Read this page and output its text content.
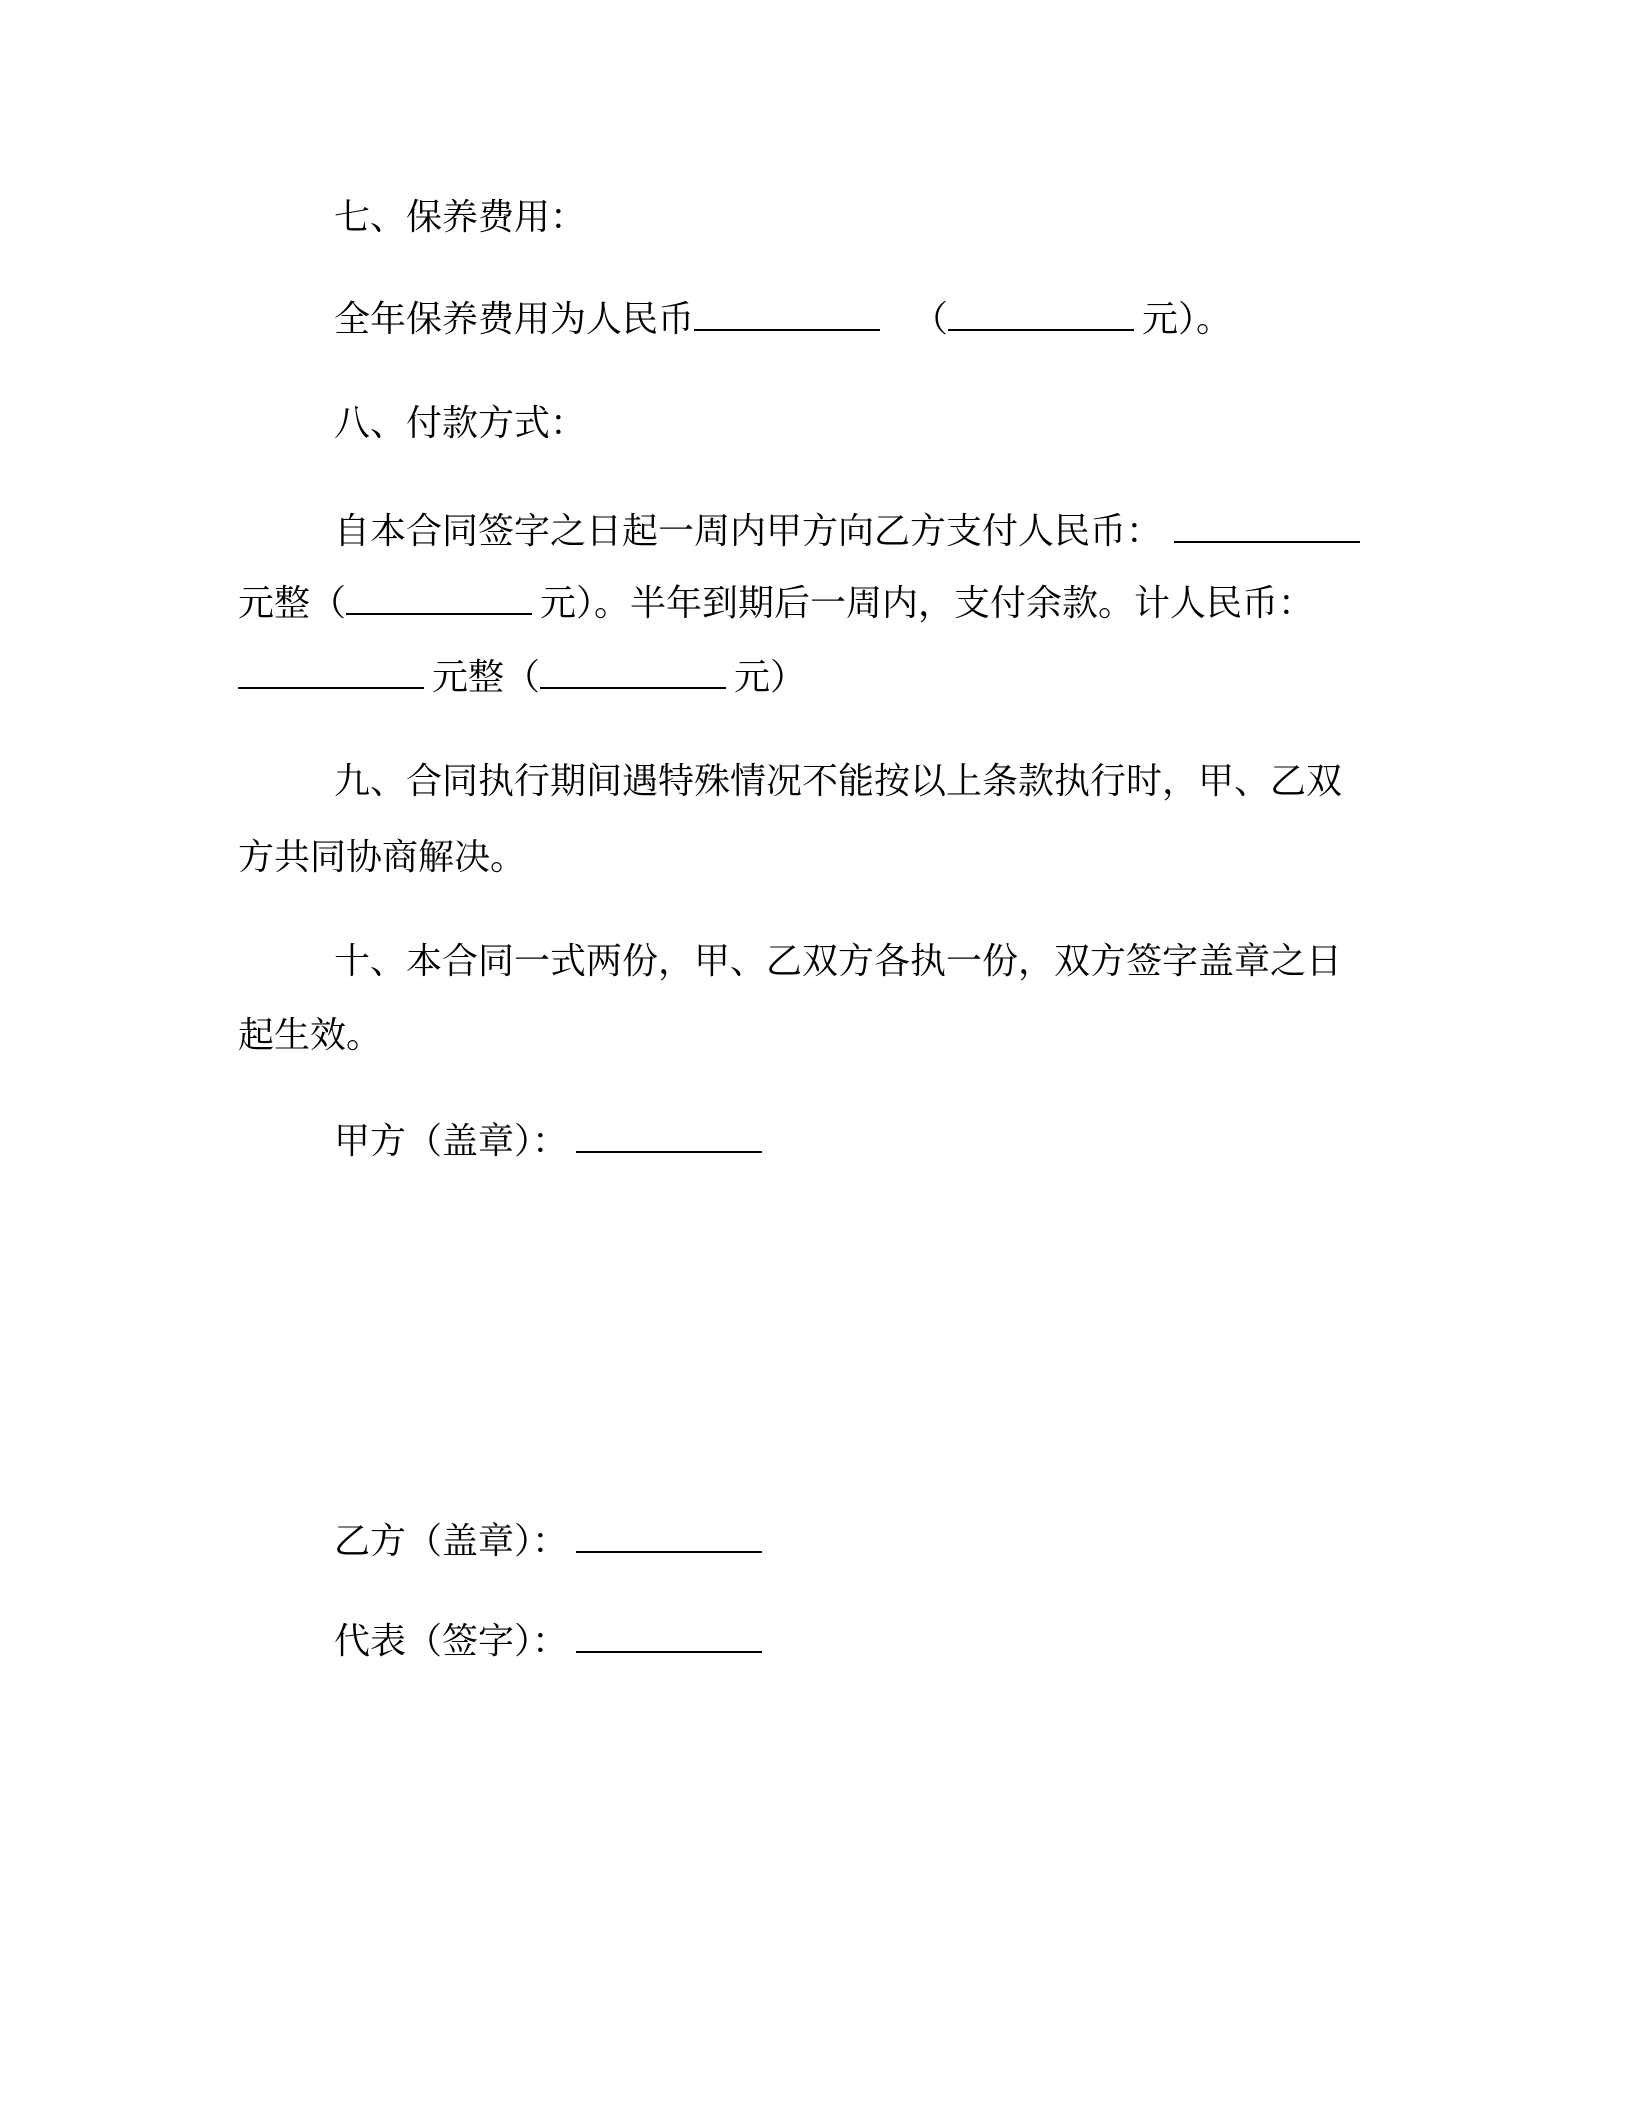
七、保养费用：
全年保养费用为人民币	（	元）。
八、付款方式：
自本合同签字之日起一周内甲方向乙方支付人民币：
元整（	元）。半年到期后一周内，支付余款。计人民币：
元整（	元）
九、合同执行期间遇特殊情况不能按以上条款执行时，甲、乙双
方共同协商解决。
十、本合同一式两份，甲、乙双方各执一份，双方签字盖章之日
起生效。
甲方（盖章）：
乙方（盖章）：
代表（签字）：
